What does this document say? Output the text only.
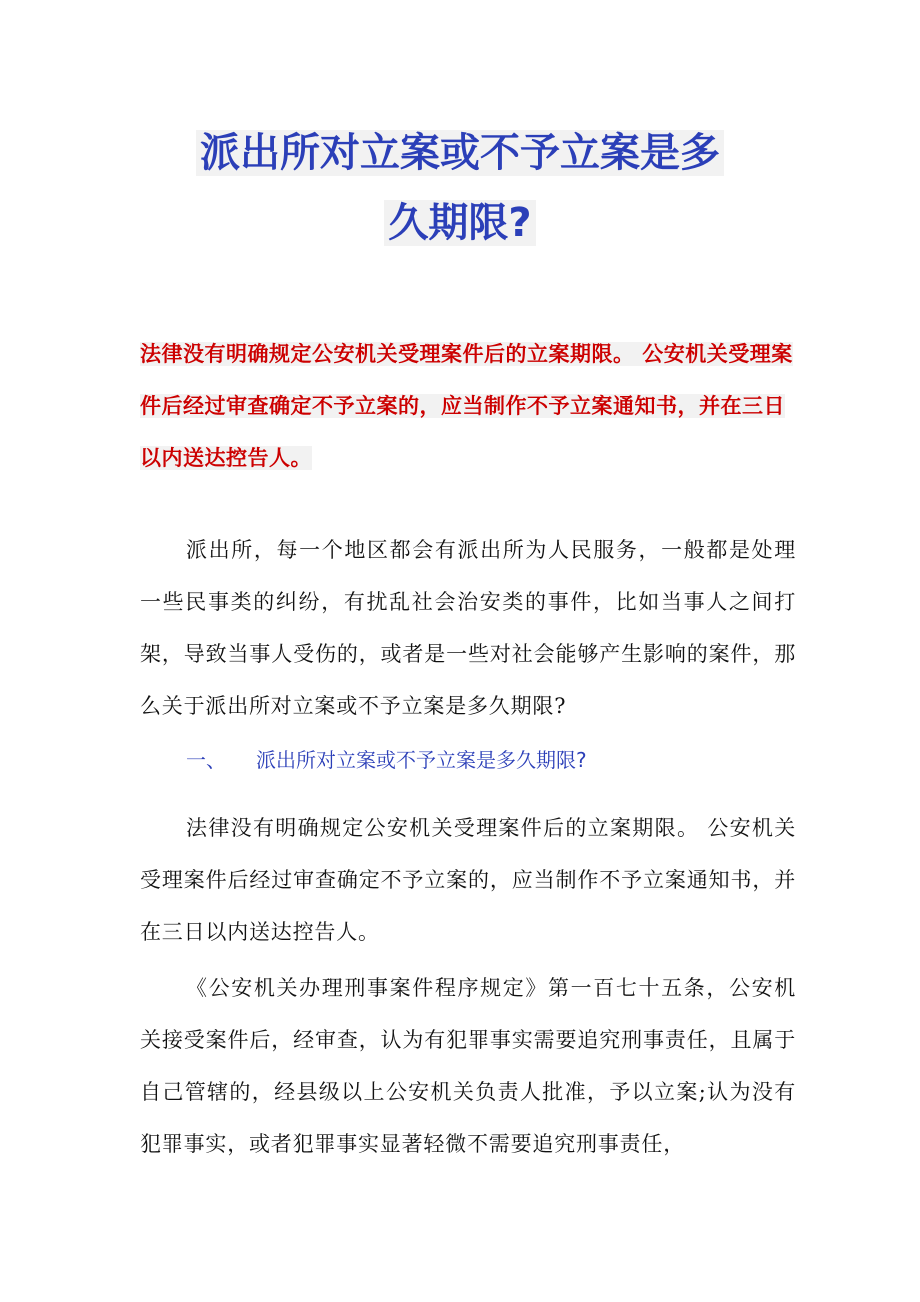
派出所对立案或不予立案是多
久期限?
法律没有明确规定公安机关受理案件后的立案期限。 公安机关受理案件后经过审查确定不予立案的，应当制作不予立案通知书，并在三日以内送达控告人。
派出所，每一个地区都会有派出所为人民服务，一般都是处理一些民事类的纠纷，有扰乱社会治安类的事件，比如当事人之间打架，导致当事人受伤的，或者是一些对社会能够产生影响的案件，那么关于派出所对立案或不予立案是多久期限?
一、 派出所对立案或不予立案是多久期限?
法律没有明确规定公安机关受理案件后的立案期限。 公安机关受理案件后经过审查确定不予立案的，应当制作不予立案通知书，并在三日以内送达控告人。
《公安机关办理刑事案件程序规定》第一百七十五条，公安机关接受案件后，经审查，认为有犯罪事实需要追究刑事责任，且属于自己管辖的，经县级以上公安机关负责人批准，予以立案;认为没有犯罪事实，或者犯罪事实显著轻微不需要追究刑事责任，
